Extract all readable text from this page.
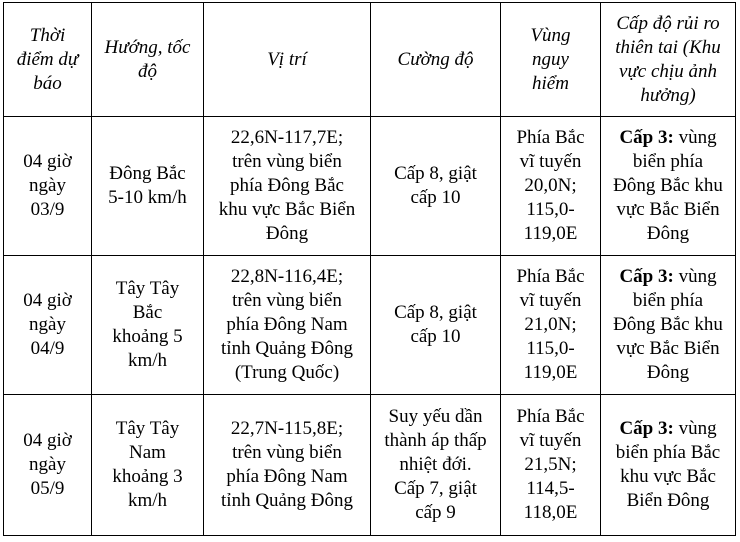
Thời
điểm dự
báo	Hướng, tốc
độ	Vị trí	Cường độ	Vùng
nguy
hiểm	Cấp độ rủi ro
thiên tai (Khu
vực chịu ảnh
hưởng)

04 giờ
ngày
03/9	Đông Bắc
5-10 km/h	22,6N-117,7E;
trên vùng biển
phía Đông Bắc
khu vực Bắc Biển
Đông	Cấp 8, giật
cấp 10	Phía Bắc
vĩ tuyến
20,0N;
115,0-
119,0E	Cấp 3: vùng
biển phía
Đông Bắc khu
vực Bắc Biển
Đông

04 giờ
ngày
04/9	Tây Tây
Bắc
khoảng 5
km/h	22,8N-116,4E;
trên vùng biển
phía Đông Nam
tỉnh Quảng Đông
(Trung Quốc)	Cấp 8, giật
cấp 10	Phía Bắc
vĩ tuyến
21,0N;
115,0-
119,0E	Cấp 3: vùng
biển phía
Đông Bắc khu
vực Bắc Biển
Đông

04 giờ
ngày
05/9	Tây Tây
Nam
khoảng 3
km/h	22,7N-115,8E;
trên vùng biển
phía Đông Nam
tỉnh Quảng Đông	Suy yếu dần
thành áp thấp
nhiệt đới.
Cấp 7, giật
cấp 9	Phía Bắc
vĩ tuyến
21,5N;
114,5-
118,0E	Cấp 3: vùng
biển phía Bắc
khu vực Bắc
Biển Đông
